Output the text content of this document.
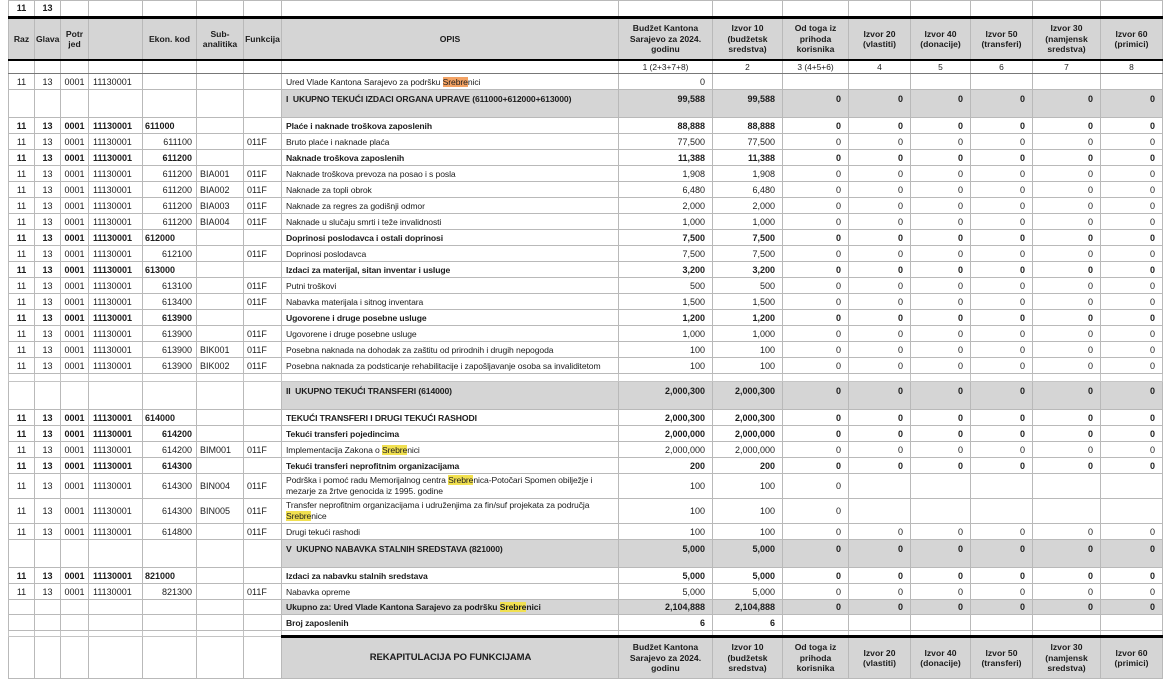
11	13														
Raz	Glava	Potr jed		Ekon. kod	Sub-analitika	Funkcija	OPIS	Budžet Kantona Sarajevo za 2024. godinu	Izvor 10 (budžetsk sredstva)	Od toga iz prihoda korisnika	Izvor 20 (vlastiti)	Izvor 40 (donacije)	Izvor 50 (transferi)	Izvor 30 (namjensk sredstva)	Izvor 60 (primici)
								1 (2+3+7+8)	2	3 (4+5+6)	4	5	6	7	8
11	13	0001	11130001				Ured Vlade Kantona Sarajevo za podršku Srebrenici	0							
							I  UKUPNO TEKUĆI IZDACI ORGANA UPRAVE (611000+612000+613000)	99,588	99,588	0	0	0	0	0	0
11	13	0001	11130001	611000			Plaće i naknade troškova zaposlenih	88,888	88,888	0	0	0	0	0	0
11	13	0001	11130001	611100		011F	Bruto plaće i naknade plaća	77,500	77,500	0	0	0	0	0	0
11	13	0001	11130001	611200			Naknade troškova zaposlenih	11,388	11,388	0	0	0	0	0	0
11	13	0001	11130001	611200	BIA001	011F	Naknade troškova prevoza na posao i s posla	1,908	1,908	0	0	0	0	0	0
11	13	0001	11130001	611200	BIA002	011F	Naknade za topli obrok	6,480	6,480	0	0	0	0	0	0
11	13	0001	11130001	611200	BIA003	011F	Naknade za regres za godišnji odmor	2,000	2,000	0	0	0	0	0	0
11	13	0001	11130001	611200	BIA004	011F	Naknade u slučaju smrti i teže invalidnosti	1,000	1,000	0	0	0	0	0	0
11	13	0001	11130001	612000			Doprinosi poslodavca i ostali doprinosi	7,500	7,500	0	0	0	0	0	0
11	13	0001	11130001	612100		011F	Doprinosi poslodavca	7,500	7,500	0	0	0	0	0	0
11	13	0001	11130001	613000			Izdaci za materijal, sitan inventar i usluge	3,200	3,200	0	0	0	0	0	0
11	13	0001	11130001	613100		011F	Putni troškovi	500	500	0	0	0	0	0	0
11	13	0001	11130001	613400		011F	Nabavka materijala i sitnog inventara	1,500	1,500	0	0	0	0	0	0
11	13	0001	11130001	613900			Ugovorene i druge posebne usluge	1,200	1,200	0	0	0	0	0	0
11	13	0001	11130001	613900		011F	Ugovorene i druge posebne usluge	1,000	1,000	0	0	0	0	0	0
11	13	0001	11130001	613900	BIK001	011F	Posebna naknada na dohodak za zaštitu od prirodnih i drugih nepogoda	100	100	0	0	0	0	0	0
11	13	0001	11130001	613900	BIK002	011F	Posebna naknada za podsticanje rehabilitacije i zapošljavanje osoba sa invaliditetom	100	100	0	0	0	0	0	0

							II  UKUPNO TEKUĆI TRANSFERI (614000)	2,000,300	2,000,300	0	0	0	0	0	0
11	13	0001	11130001	614000			TEKUĆI TRANSFERI I DRUGI TEKUĆI RASHODI	2,000,300	2,000,300	0	0	0	0	0	0
11	13	0001	11130001	614200			Tekući transferi pojedincima	2,000,000	2,000,000	0	0	0	0	0	0
11	13	0001	11130001	614200	BIM001	011F	Implementacija Zakona o Srebrenici	2,000,000	2,000,000	0	0	0	0	0	0
11	13	0001	11130001	614300			Tekući transferi neprofitnim organizacijama	200	200	0	0	0	0	0	0
11	13	0001	11130001	614300	BIN004	011F	Podrška i pomoć radu Memorijalnog centra Srebrenica-Potočari Spomen obilježje i mezarje za žrtve genocida iz 1995. godine	100	100	0					
11	13	0001	11130001	614300	BIN005	011F	Transfer neprofitnim organizacijama i udruženjima za fin/suf projekata za područja Srebrenice	100	100	0					
11	13	0001	11130001	614800		011F	Drugi tekući rashodi	100	100	0	0	0	0	0	0
							V  UKUPNO NABAVKA STALNIH SREDSTAVA (821000)	5,000	5,000	0	0	0	0	0	0
11	13	0001	11130001	821000			Izdaci za nabavku stalnih sredstava	5,000	5,000	0	0	0	0	0	0
11	13	0001	11130001	821300		011F	Nabavka opreme	5,000	5,000	0	0	0	0	0	0
							Ukupno za: Ured Vlade Kantona Sarajevo za podršku Srebrenici	2,104,888	2,104,888	0	0	0	0	0	0
							Broj zaposlenih	6	6						

							REKAPITULACIJA PO FUNKCIJAMA	Budžet Kantona Sarajevo za 2024. godinu	Izvor 10 (budžetsk sredstva)	Od toga iz prihoda korisnika	Izvor 20 (vlastiti)	Izvor 40 (donacije)	Izvor 50 (transferi)	Izvor 30 (namjensk sredstva)	Izvor 60 (primici)
